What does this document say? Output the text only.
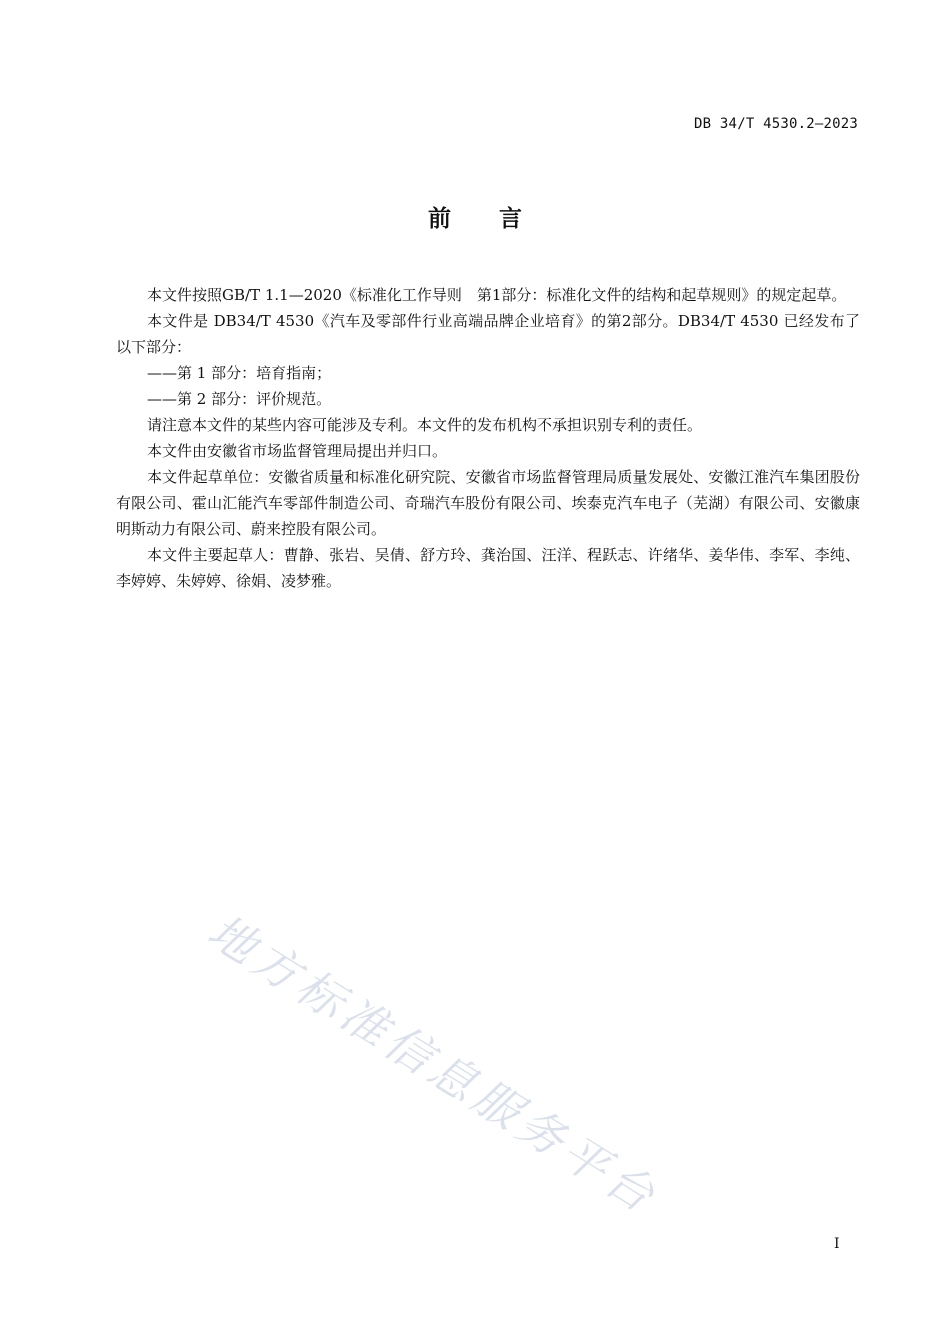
DB 34/T 4530.2—2023
前言

本文件按照GB/T 1.1—2020《标准化工作导则　第1部分：标准化文件的结构和起草规则》的规定起草。

本文件是 DB34/T 4530《汽车及零部件行业高端品牌企业培育》的第2部分。DB34/T 4530 已经发布了以下部分：

——第 1 部分：培育指南；

——第 2 部分：评价规范。

请注意本文件的某些内容可能涉及专利。本文件的发布机构不承担识别专利的责任。

本文件由安徽省市场监督管理局提出并归口。

本文件起草单位：安徽省质量和标准化研究院、安徽省市场监督管理局质量发展处、安徽江淮汽车集团股份有限公司、霍山汇能汽车零部件制造公司、奇瑞汽车股份有限公司、埃泰克汽车电子（芜湖）有限公司、安徽康明斯动力有限公司、蔚来控股有限公司。

本文件主要起草人：曹静、张岩、吴倩、舒方玲、龚治国、汪洋、程跃志、许绪华、姜华伟、李军、李纯、李婷婷、朱婷婷、徐娟、凌梦雅。

地方标准信息服务平台
I
